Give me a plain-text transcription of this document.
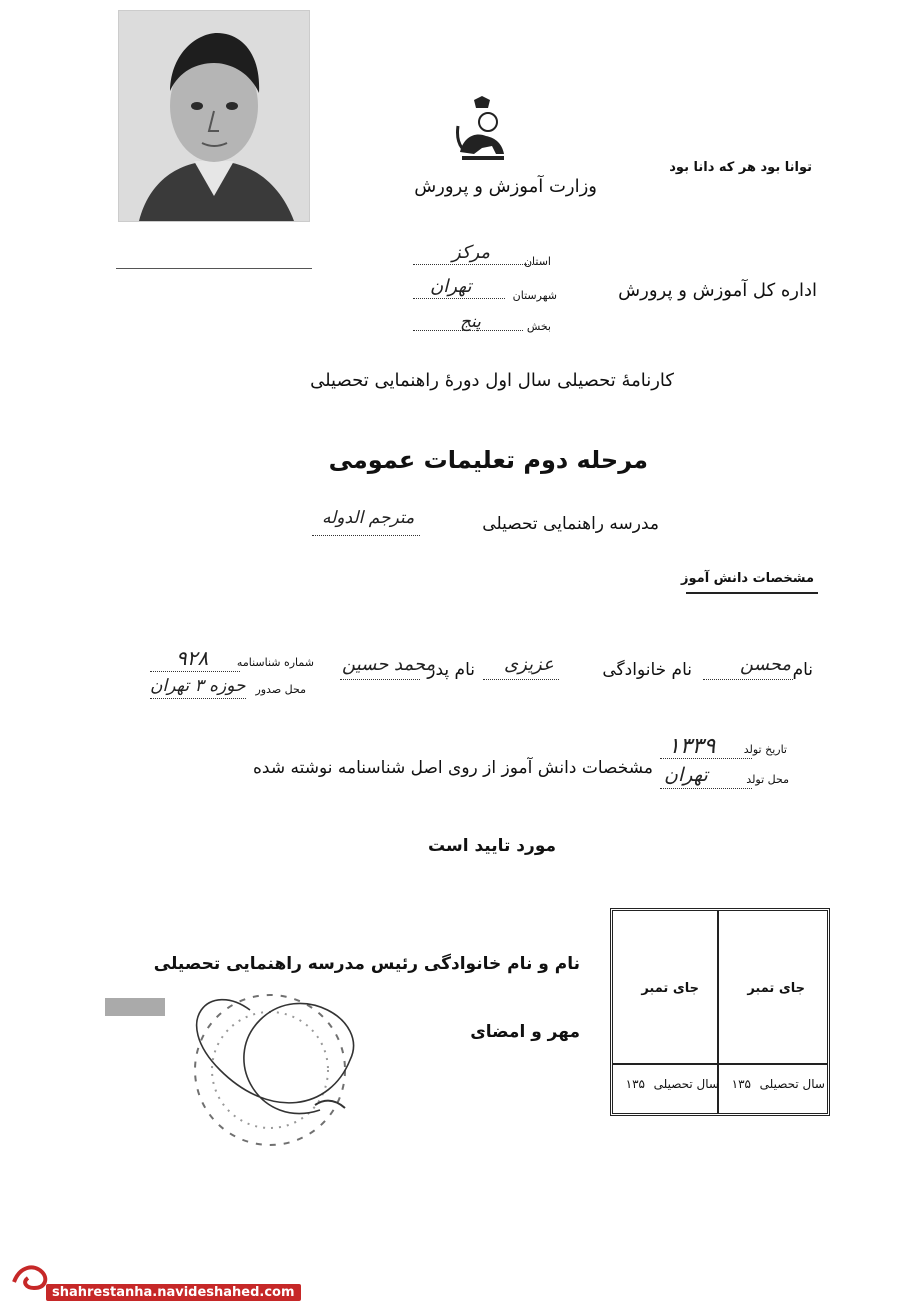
توانا بود هر که دانا بود
وزارت آموزش و پرورش
استان
مرکز
شهرستان
تهران
بخش
پنج
اداره کل آموزش و پرورش
کارنامهٔ تحصیلی سال اول دورهٔ راهنمایی تحصیلی
مرحله دوم تعلیمات عمومی
مدرسه راهنمایی تحصیلی
مترجم الدوله
مشخصات دانش آموز
نام
محسن
نام خانوادگی
عزیزی
نام پدر
محمد حسین
شماره شناسنامه
۹۲۸
محل صدور
حوزه ۳ تهران
تاریخ تولد
۱۳۳۹
محل تولد
تهران
مشخصات دانش آموز از روی اصل شناسنامه نوشته شده
مورد تایید است
جای تمبر
جای تمبر
سال تحصیلی
۱۳۵
سال تحصیلی
۱۳۵
نام و نام خانوادگی رئیس مدرسه راهنمایی تحصیلی
مهر و امضای
shahrestanha.navideshahed.com
